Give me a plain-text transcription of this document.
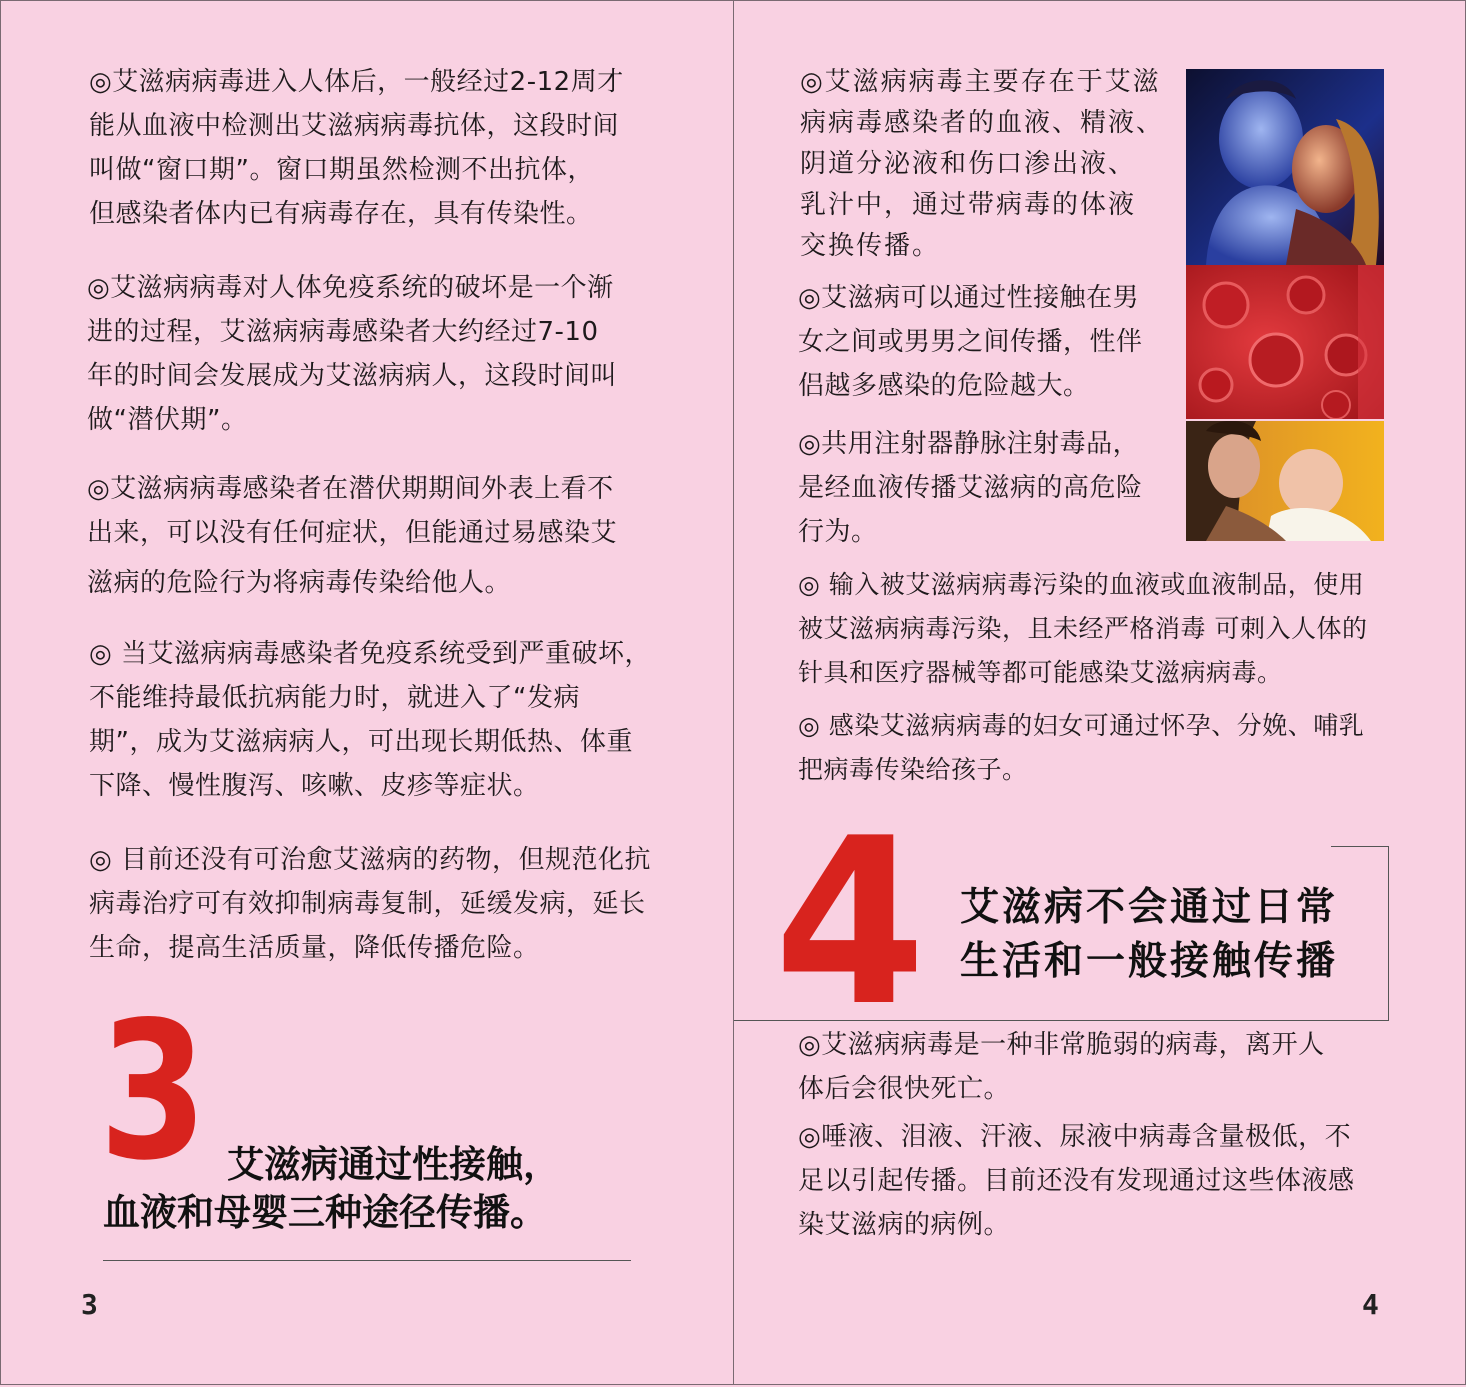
◎艾滋病病毒进入人体后，一般经过2-12周才
能从血液中检测出艾滋病病毒抗体，这段时间
叫做“窗口期”。窗口期虽然检测不出抗体，
但感染者体内已有病毒存在，具有传染性。
◎艾滋病病毒对人体免疫系统的破坏是一个渐
进的过程，艾滋病病毒感染者大约经过7-10
年的时间会发展成为艾滋病病人，这段时间叫
做“潜伏期”。
◎艾滋病病毒感染者在潜伏期期间外表上看不
出来，可以没有任何症状，但能通过易感染艾
滋病的危险行为将病毒传染给他人。
◎ 当艾滋病病毒感染者免疫系统受到严重破坏，
不能维持最低抗病能力时，就进入了“发病
期”，成为艾滋病病人，可出现长期低热、体重
下降、慢性腹泻、咳嗽、皮疹等症状。
◎ 目前还没有可治愈艾滋病的药物，但规范化抗
病毒治疗可有效抑制病毒复制，延缓发病，延长
生命，提高生活质量，降低传播危险。
3 艾滋病通过性接触，
血液和母婴三种途径传播。
3
◎艾滋病病毒主要存在于艾滋
病病毒感染者的血液、精液、
阴道分泌液和伤口渗出液、
乳汁中，通过带病毒的体液
交换传播。
◎艾滋病可以通过性接触在男
女之间或男男之间传播，性伴
侣越多感染的危险越大。
◎共用注射器静脉注射毒品，
是经血液传播艾滋病的高危险
行为。
◎ 输入被艾滋病病毒污染的血液或血液制品，使用
被艾滋病病毒污染，且未经严格消毒 可刺入人体的
针具和医疗器械等都可能感染艾滋病病毒。
◎ 感染艾滋病病毒的妇女可通过怀孕、分娩、哺乳
把病毒传染给孩子。
4 艾滋病不会通过日常
生活和一般接触传播
◎艾滋病病毒是一种非常脆弱的病毒，离开人
体后会很快死亡。
◎唾液、泪液、汗液、尿液中病毒含量极低，不
足以引起传播。目前还没有发现通过这些体液感
染艾滋病的病例。
4
